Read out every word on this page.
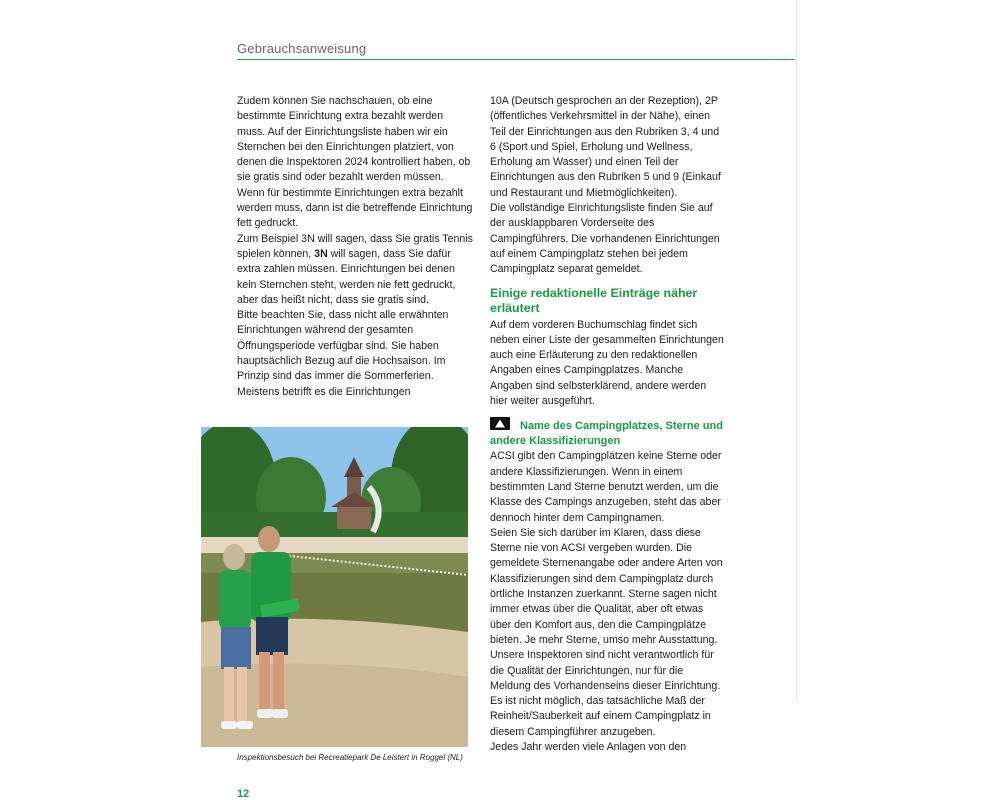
Gebrauchsanweisung

Zudem können Sie nachschauen, ob eine bestimmte Einrichtung extra bezahlt werden muss. Auf der Einrichtungsliste haben wir ein Sternchen bei den Einrichtungen platziert, von denen die Inspektoren 2024 kontrolliert haben, ob sie gratis sind oder bezahlt werden müssen. Wenn für bestimmte Einrichtungen extra bezahlt werden muss, dann ist die betreffende Einrichtung fett gedruckt.

Zum Beispiel 3N will sagen, dass Sie gratis Tennis spielen können, 3N will sagen, dass Sie dafür extra zahlen müssen. Einrichtungen bei denen kein Sternchen steht, werden nie fett gedruckt, aber das heißt nicht, dass sie gratis sind.

Bitte beachten Sie, dass nicht alle erwähnten Einrichtungen während der gesamten Öffnungsperiode verfügbar sind. Sie haben hauptsächlich Bezug auf die Hochsaison. Im Prinzip sind das immer die Sommerferien. Meistens betrifft es die Einrichtungen

Inspektionsbesuch bei Recreatiepark De Leistert in Roggel (NL)

10A (Deutsch gesprochen an der Rezeption), 2P (öffentliches Verkehrsmittel in der Nähe), einen Teil der Einrichtungen aus den Rubriken 3, 4 und 6 (Sport und Spiel, Erholung und Wellness, Erholung am Wasser) und einen Teil der Einrichtungen aus den Rubriken 5 und 9 (Einkauf und Restaurant und Mietmöglichkeiten).

Die vollständige Einrichtungsliste finden Sie auf der ausklappbaren Vorderseite des Campingführers. Die vorhandenen Einrichtungen auf einem Campingplatz stehen bei jedem Campingplatz separat gemeldet.

Einige redaktionelle Einträge näher erläutert

Auf dem vorderen Buchumschlag findet sich neben einer Liste der gesammelten Einrichtungen auch eine Erläuterung zu den redaktionellen Angaben eines Campingplatzes. Manche Angaben sind selbsterklärend, andere werden hier weiter ausgeführt.

Name des Campingplatzes, Sterne und andere Klassifizierungen

ACSI gibt den Campingplätzen keine Sterne oder andere Klassifizierungen. Wenn in einem bestimmten Land Sterne benutzt werden, um die Klasse des Campings anzugeben, steht das aber dennoch hinter dem Campingnamen.

Seien Sie sich darüber im Klaren, dass diese Sterne nie von ACSI vergeben wurden. Die gemeldete Sternenangabe oder andere Arten von Klassifizierungen sind dem Campingplatz durch örtliche Instanzen zuerkannt. Sterne sagen nicht immer etwas über die Qualität, aber oft etwas über den Komfort aus, den die Campingplätze bieten. Je mehr Sterne, umso mehr Ausstattung.

Unsere Inspektoren sind nicht verantwortlich für die Qualität der Einrichtungen, nur für die Meldung des Vorhandenseins dieser Einrichtung. Es ist nicht möglich, das tatsächliche Maß der Reinheit/Sauberkeit auf einem Campingplatz in diesem Campingführer anzugeben.

Jedes Jahr werden viele Anlagen von den

12
